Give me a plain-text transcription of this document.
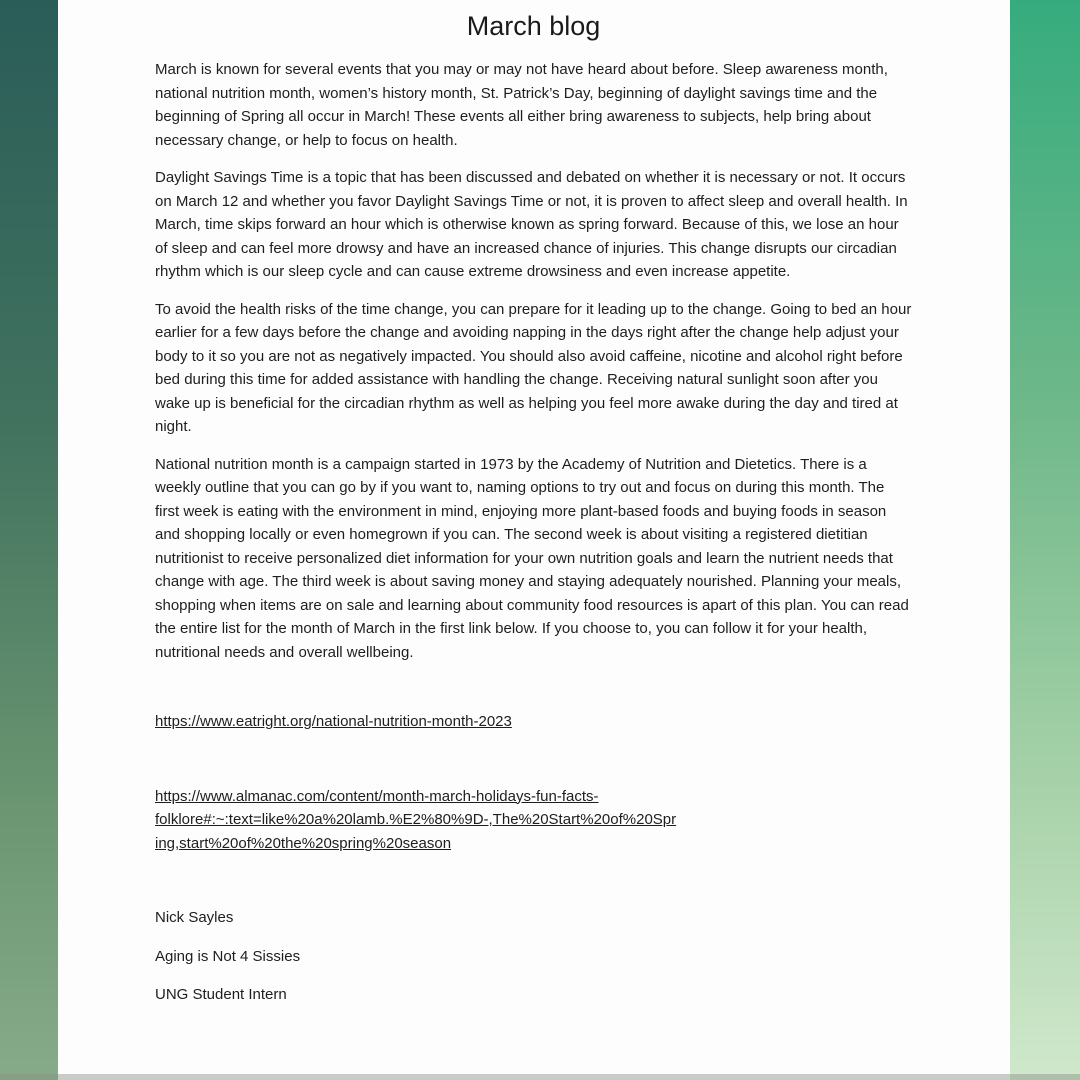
March blog

March is known for several events that you may or may not have heard about before. Sleep awareness month, national nutrition month, women’s history month, St. Patrick’s Day, beginning of daylight savings time and the beginning of Spring all occur in March! These events all either bring awareness to subjects, help bring about necessary change, or help to focus on health.

Daylight Savings Time is a topic that has been discussed and debated on whether it is necessary or not. It occurs on March 12 and whether you favor Daylight Savings Time or not, it is proven to affect sleep and overall health. In March, time skips forward an hour which is otherwise known as spring forward. Because of this, we lose an hour of sleep and can feel more drowsy and have an increased chance of injuries. This change disrupts our circadian rhythm which is our sleep cycle and can cause extreme drowsiness and even increase appetite.

To avoid the health risks of the time change, you can prepare for it leading up to the change. Going to bed an hour earlier for a few days before the change and avoiding napping in the days right after the change help adjust your body to it so you are not as negatively impacted. You should also avoid caffeine, nicotine and alcohol right before bed during this time for added assistance with handling the change. Receiving natural sunlight soon after you wake up is beneficial for the circadian rhythm as well as helping you feel more awake during the day and tired at night.

National nutrition month is a campaign started in 1973 by the Academy of Nutrition and Dietetics. There is a weekly outline that you can go by if you want to, naming options to try out and focus on during this month. The first week is eating with the environment in mind, enjoying more plant-based foods and buying foods in season and shopping locally or even homegrown if you can. The second week is about visiting a registered dietitian nutritionist to receive personalized diet information for your own nutrition goals and learn the nutrient needs that change with age. The third week is about saving money and staying adequately nourished. Planning your meals, shopping when items are on sale and learning about community food resources is apart of this plan. You can read the entire list for the month of March in the first link below. If you choose to, you can follow it for your health, nutritional needs and overall wellbeing.

https://www.eatright.org/national-nutrition-month-2023

https://www.almanac.com/content/month-march-holidays-fun-facts-folklore#:~:text=like%20a%20lamb.%E2%80%9D-,The%20Start%20of%20Spring,start%20of%20the%20spring%20season

Nick Sayles

Aging is Not 4 Sissies

UNG Student Intern
